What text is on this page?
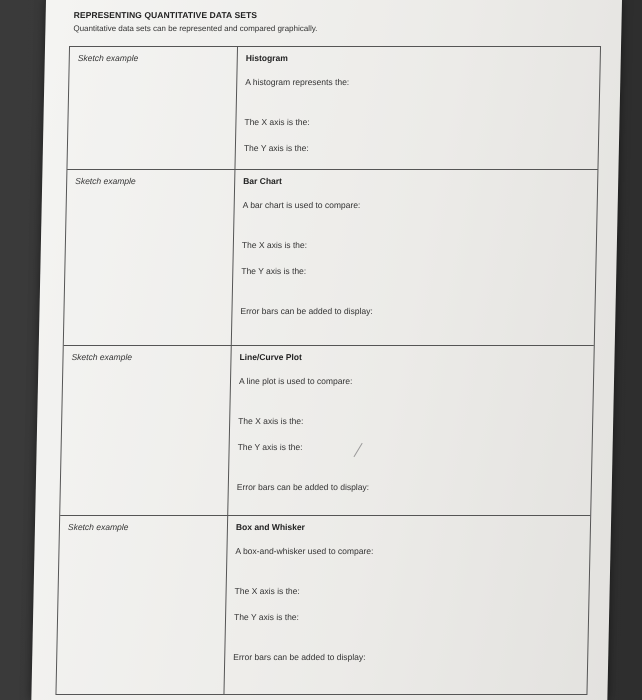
REPRESENTING QUANTITATIVE DATA SETS
Quantitative data sets can be represented and compared graphically.
Sketch example	Histogram
A histogram represents the:
The X axis is the:
The Y axis is the:
Sketch example	Bar Chart
A bar chart is used to compare:
The X axis is the:
The Y axis is the:
Error bars can be added to display:
Sketch example	Line/Curve Plot
A line plot is used to compare:
The X axis is the:
The Y axis is the:
Error bars can be added to display:
Sketch example	Box and Whisker
A box-and-whisker used to compare:
The X axis is the:
The Y axis is the:
Error bars can be added to display:
